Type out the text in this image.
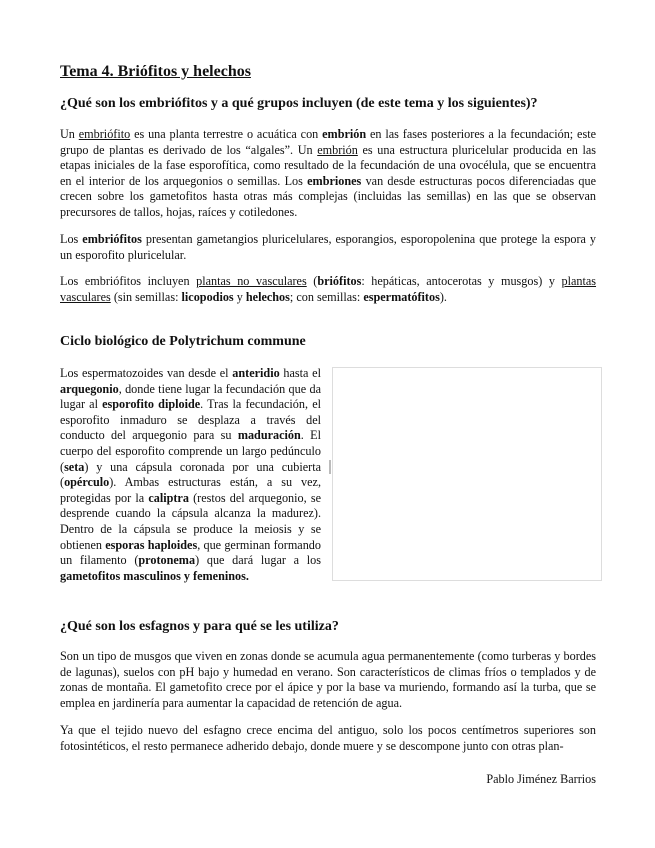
Tema 4. Briófitos y helechos
¿Qué son los embriófitos y a qué grupos incluyen (de este tema y los siguientes)?
Un embriófito es una planta terrestre o acuática con embrión en las fases posteriores a la fecundación; este grupo de plantas es derivado de los “algales”. Un embrión es una estructura pluricelular producida en las etapas iniciales de la fase esporofítica, como resultado de la fecundación de una ovocélula, que se encuentra en el interior de los arquegonios o semillas. Los embriones van desde estructuras pocos diferenciadas que crecen sobre los gametofitos hasta otras más complejas (incluidas las semillas) en las que se observan precursores de tallos, hojas, raíces y cotiledones.
Los embriófitos presentan gametangios pluricelulares, esporangios, esporopolenina que protege la espora y un esporofito pluricelular.
Los embriófitos incluyen plantas no vasculares (briófitos: hepáticas, antocerotas y musgos) y plantas vasculares (sin semillas: licopodios y helechos; con semillas: espermatófitos).
Ciclo biológico de Polytrichum commune
Los espermatozoides van desde el anteridio hasta el arquegonio, donde tiene lugar la fecundación que da lugar al esporofito diploide. Tras la fecundación, el esporofito inmaduro se desplaza a través del conducto del arquegonio para su maduración. El cuerpo del esporofito comprende un largo pedúnculo (seta) y una cápsula coronada por una cubierta (opérculo). Ambas estructuras están, a su vez, protegidas por la caliptra (restos del arquegonio, se desprende cuando la cápsula alcanza la madurez). Dentro de la cápsula se produce la meiosis y se obtienen esporas haploides, que germinan formando un filamento (protonema) que dará lugar a los gametofitos masculinos y femeninos.
¿Qué son los esfagnos y para qué se les utiliza?
Son un tipo de musgos que viven en zonas donde se acumula agua permanentemente (como turberas y bordes de lagunas), suelos con pH bajo y humedad en verano. Son característicos de climas fríos o templados y de zonas de montaña. El gametofito crece por el ápice y por la base va muriendo, formando así la turba, que se emplea en jardinería para aumentar la capacidad de retención de agua.
Ya que el tejido nuevo del esfagno crece encima del antiguo, solo los pocos centímetros superiores son fotosintéticos, el resto permanece adherido debajo, donde muere y se descompone junto con otras plan-
Pablo Jiménez Barrios
